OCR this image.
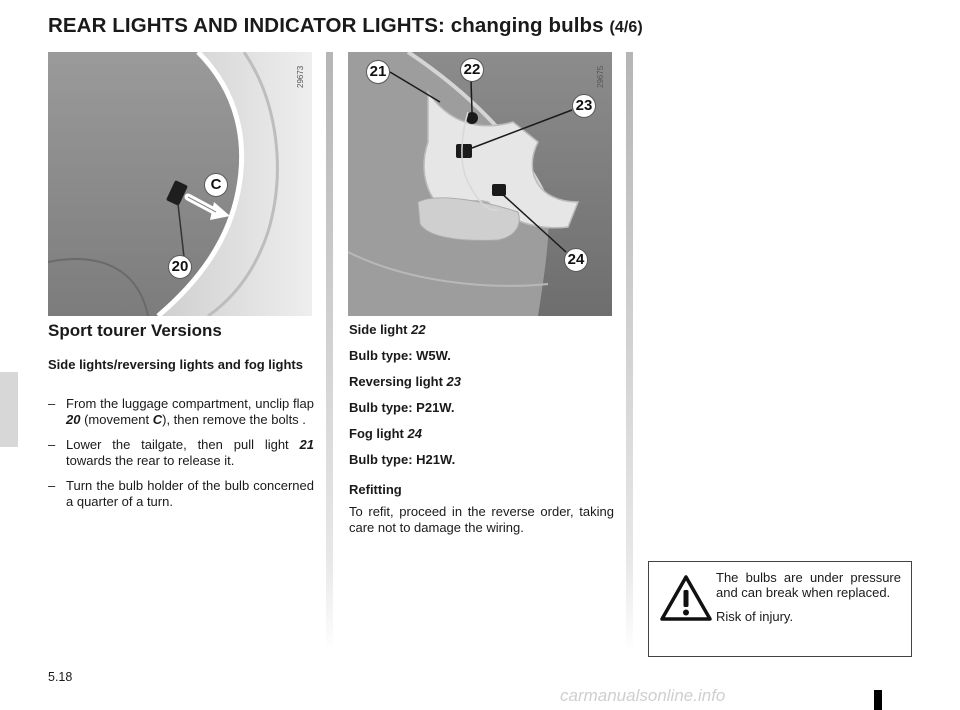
REAR LIGHTS AND INDICATOR LIGHTS: changing bulbs (4/6)
C
20
29673	21	22
23
24
29675
Sport tourer Versions
Side lights/reversing lights and fog lights
– From the luggage compartment, unclip flap 20 (movement C), then remove the bolts .
– Lower the tailgate, then pull light 21 towards the rear to release it.
– Turn the bulb holder of the bulb concerned a quarter of a turn.

Side light 22

Bulb type: W5W.

Reversing light 23

Bulb type: P21W.

Fog light 24

Bulb type: H21W.

Refitting

To refit, proceed in the reverse order, taking care not to damage the wiring.

The bulbs are under pressure and can break when replaced.

Risk of injury.

5.18
carmanualsonline.info
